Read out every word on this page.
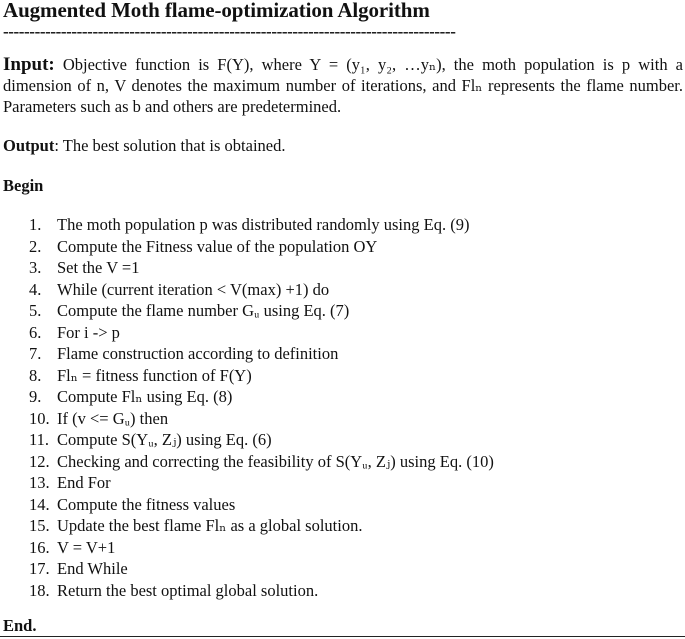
Augmented Moth flame-optimization Algorithm
--------------------------------------------------------------------------------------
Input: Objective function is F(Y), where Y = (y₁, y₂, …yₙ), the moth population is p with a dimension of n, V denotes the maximum number of iterations, and Flₙ represents the flame number. Parameters such as b and others are predetermined.
Output: The best solution that is obtained.
Begin
1. The moth population p was distributed randomly using Eq. (9)
2. Compute the Fitness value of the population OY
3. Set the V =1
4. While (current iteration < V(max) +1) do
5. Compute the flame number Gᵤ using Eq. (7)
6. For i -> p
7. Flame construction according to definition
8. Flₙ = fitness function of F(Y)
9. Compute Flₙ using Eq. (8)
10. If (v <= Gᵤ) then
11. Compute S(Yᵤ, Zⱼ) using Eq. (6)
12. Checking and correcting the feasibility of S(Yᵤ, Zⱼ) using Eq. (10)
13. End For
14. Compute the fitness values
15. Update the best flame Flₙ as a global solution.
16. V = V+1
17. End While
18. Return the best optimal global solution.
End.
